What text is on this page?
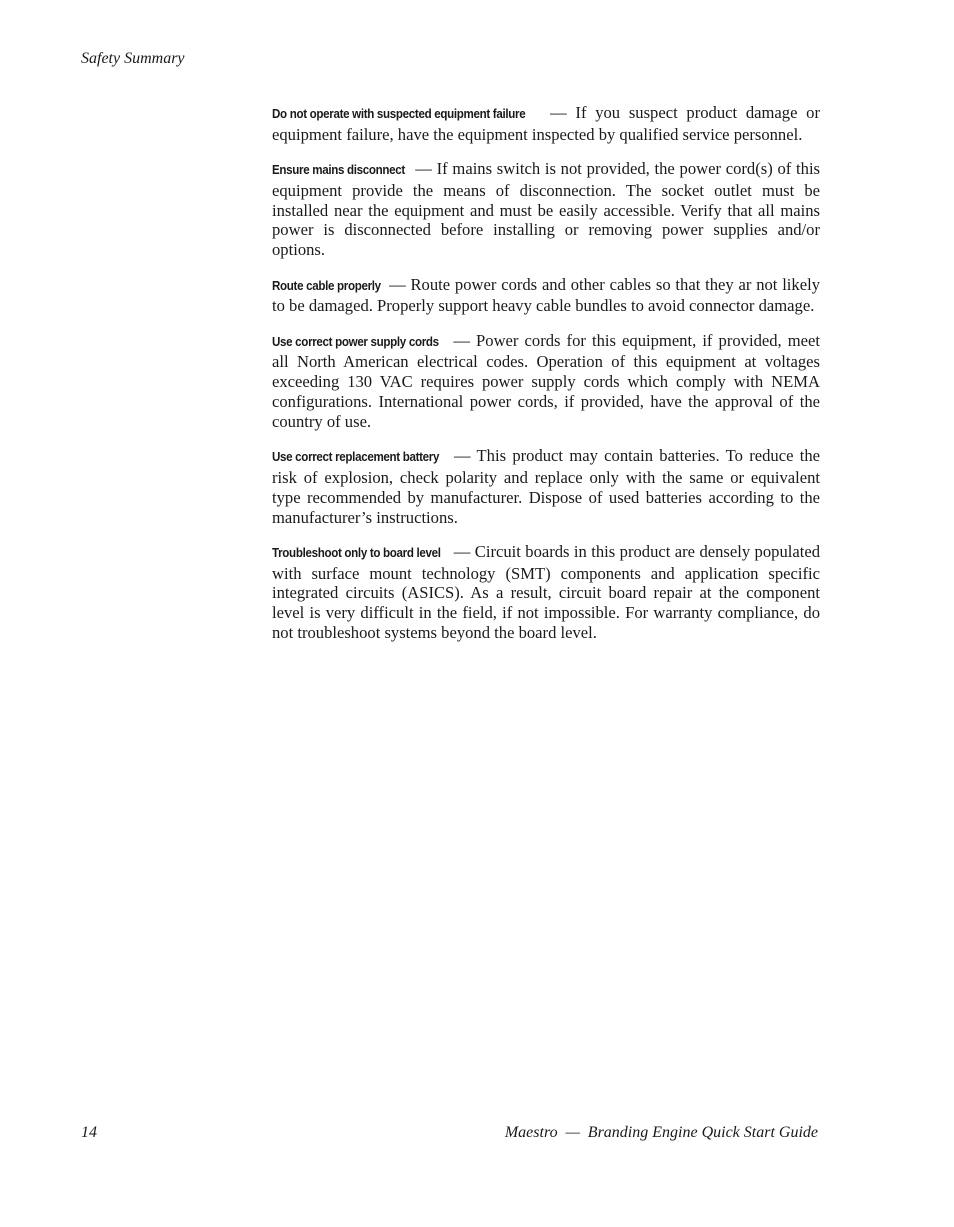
Safety Summary

Do not operate with suspected equipment failure — If you suspect product damage or equipment failure, have the equipment inspected by qualified service personnel.

Ensure mains disconnect — If mains switch is not provided, the power cord(s) of this equipment provide the means of disconnection. The socket outlet must be installed near the equipment and must be easily accessible. Verify that all mains power is disconnected before installing or removing power supplies and/or options.

Route cable properly — Route power cords and other cables so that they ar not likely to be damaged. Properly support heavy cable bundles to avoid connector damage.

Use correct power supply cords — Power cords for this equipment, if provided, meet all North American electrical codes. Operation of this equipment at voltages exceeding 130 VAC requires power supply cords which comply with NEMA configurations. International power cords, if provided, have the approval of the country of use.

Use correct replacement battery — This product may contain batteries. To reduce the risk of explosion, check polarity and replace only with the same or equivalent type recommended by manufacturer. Dispose of used batteries according to the manufacturer’s instructions.

Troubleshoot only to board level — Circuit boards in this product are densely populated with surface mount technology (SMT) components and application specific integrated circuits (ASICS). As a result, circuit board repair at the component level is very difficult in the field, if not impossible. For warranty compliance, do not troubleshoot systems beyond the board level.

14	Maestro  —  Branding Engine Quick Start Guide
